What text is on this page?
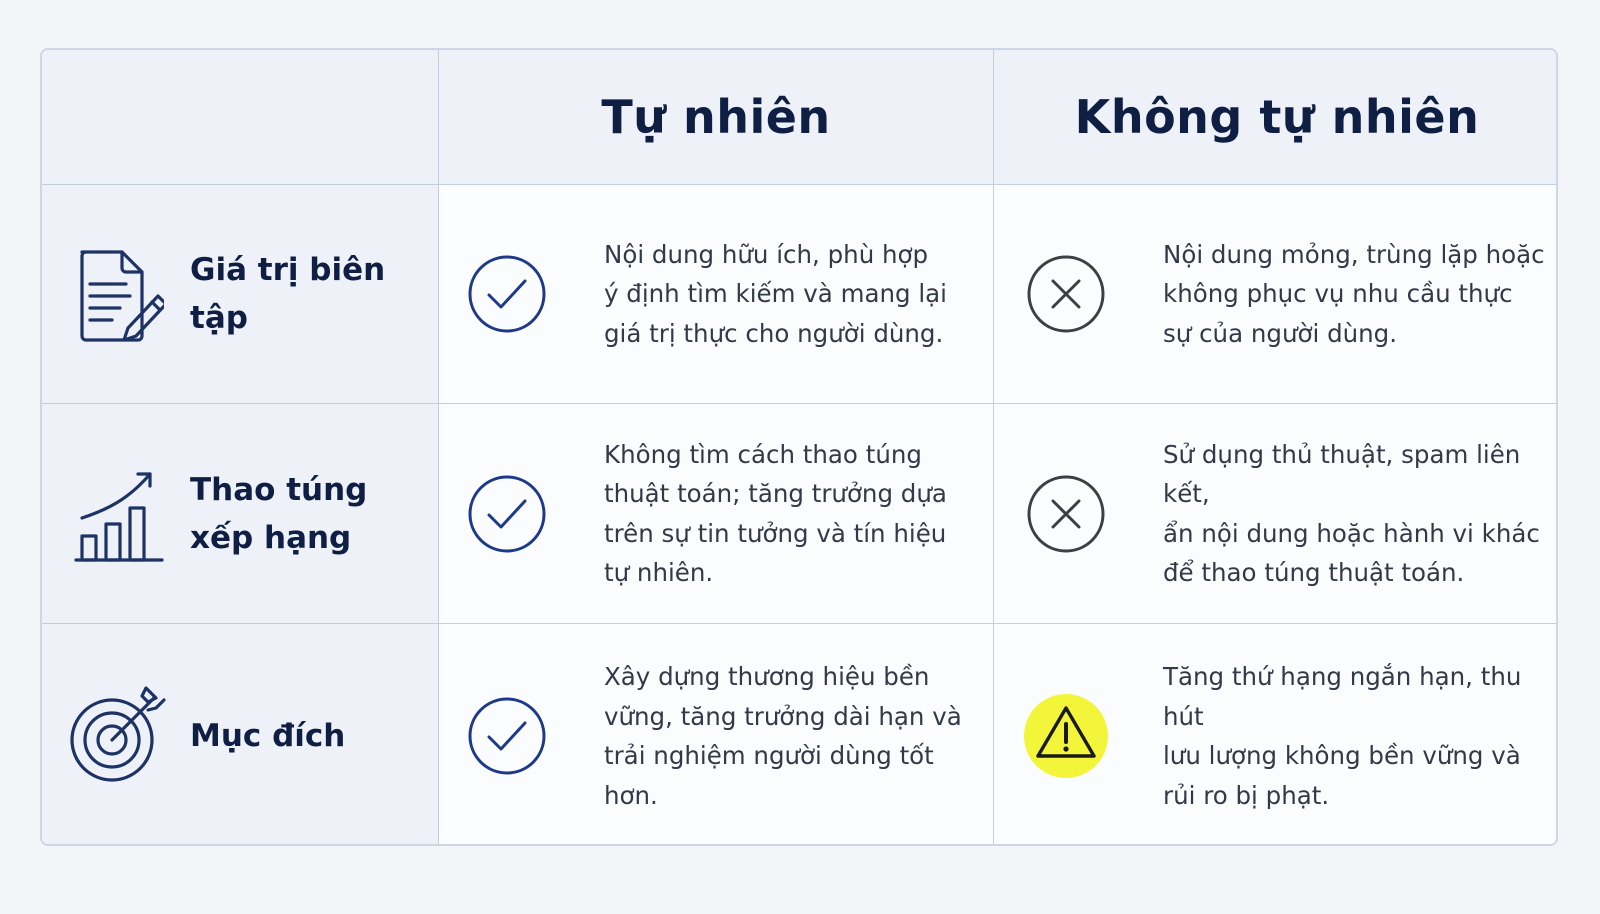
Tự nhiên	Không tự nhiên
Giá trị biên tập
Nội dung hữu ích, phù hợp
ý định tìm kiếm và mang lại
giá trị thực cho người dùng.
Nội dung mỏng, trùng lặp hoặc
không phục vụ nhu cầu thực
sự của người dùng.
Thao túng
xếp hạng
Không tìm cách thao túng
thuật toán; tăng trưởng dựa
trên sự tin tưởng và tín hiệu
tự nhiên.
Sử dụng thủ thuật, spam liên kết,
ẩn nội dung hoặc hành vi khác
để thao túng thuật toán.
Mục đích
Xây dựng thương hiệu bền
vững, tăng trưởng dài hạn và
trải nghiệm người dùng tốt hơn.
Tăng thứ hạng ngắn hạn, thu hút
lưu lượng không bền vững và
rủi ro bị phạt.
